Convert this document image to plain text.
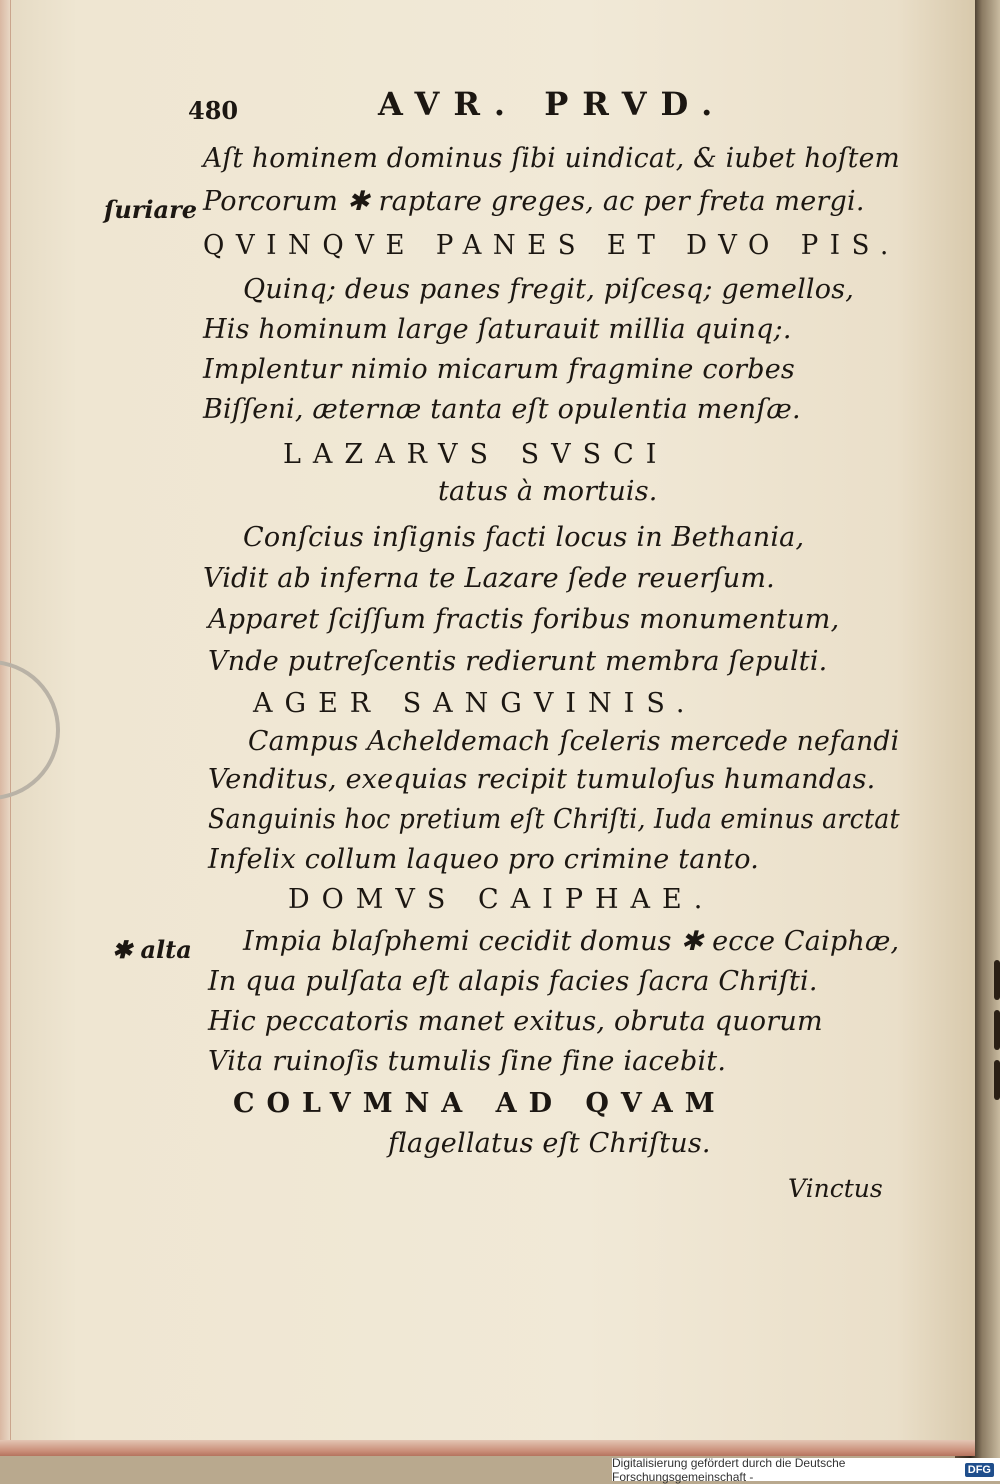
480	AVR. PRVD.
Aſt hominem dominus ſibi uindicat, & iubet hoſtem
ſuriare Porcorum ✱ raptare greges, ac per freta mergi.
QVINQVE PANES ET DVO PIS.
Quinq; deus panes fregit, piſcesq; gemellos,
His hominum large ſaturauit millia quinq;.
Implentur nimio micarum fragmine corbes
Biſſeni, æternæ tanta eſt opulentia menſæ.
LAZARVS SVSCI
tatus à mortuis.
Conſcius inſignis facti locus in Bethania,
Vidit ab inferna te Lazare ſede reuerſum.
Apparet ſciſſum fractis foribus monumentum,
Vnde putreſcentis redierunt membra ſepulti.
AGER SANGVINIS.
Campus Acheldemach ſceleris mercede nefandi
Venditus, exequias recipit tumuloſus humandas.
Sanguinis hoc pretium eſt Chriſti, Iuda eminus arctat
Infelix collum laqueo pro crimine tanto.
DOMVS CAIPHAE.
✱ alta Impia blaſphemi cecidit domus ✱ ecce Caiphæ,
In qua pulſata eſt alapis facies ſacra Chriſti.
Hic peccatoris manet exitus, obruta quorum
Vita ruinoſis tumulis ſine fine iacebit.
COLVMNA AD QVAM
flagellatus eſt Chriſtus.
Vinctus
Digitalisierung gefördert durch die Deutsche Forschungsgemeinschaft -	DFG
